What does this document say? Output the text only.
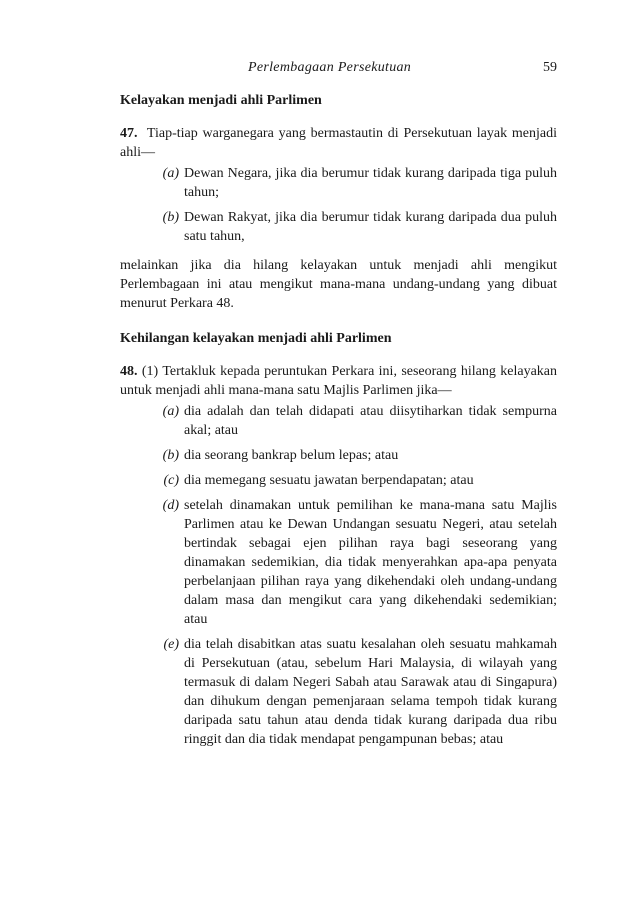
Perlembagaan Persekutuan	59

Kelayakan menjadi ahli Parlimen

47. Tiap-tiap warganegara yang bermastautin di Persekutuan layak menjadi ahli—

(a) Dewan Negara, jika dia berumur tidak kurang daripada tiga puluh tahun;
(b) Dewan Rakyat, jika dia berumur tidak kurang daripada dua puluh satu tahun,

melainkan jika dia hilang kelayakan untuk menjadi ahli mengikut Perlembagaan ini atau mengikut mana-mana undang-undang yang dibuat menurut Perkara 48.

Kehilangan kelayakan menjadi ahli Parlimen

48. (1) Tertakluk kepada peruntukan Perkara ini, seseorang hilang kelayakan untuk menjadi ahli mana-mana satu Majlis Parlimen jika—

(a) dia adalah dan telah didapati atau diisytiharkan tidak sempurna akal; atau
(b) dia seorang bankrap belum lepas; atau
(c) dia memegang sesuatu jawatan berpendapatan; atau
(d) setelah dinamakan untuk pemilihan ke mana-mana satu Majlis Parlimen atau ke Dewan Undangan sesuatu Negeri, atau setelah bertindak sebagai ejen pilihan raya bagi seseorang yang dinamakan sedemikian, dia tidak menyerahkan apa-apa penyata perbelanjaan pilihan raya yang dikehendaki oleh undang-undang dalam masa dan mengikut cara yang dikehendaki sedemikian; atau
(e) dia telah disabitkan atas suatu kesalahan oleh sesuatu mahkamah di Persekutuan (atau, sebelum Hari Malaysia, di wilayah yang termasuk di dalam Negeri Sabah atau Sarawak atau di Singapura) dan dihukum dengan pemenjaraan selama tempoh tidak kurang daripada satu tahun atau denda tidak kurang daripada dua ribu ringgit dan dia tidak mendapat pengampunan bebas; atau
